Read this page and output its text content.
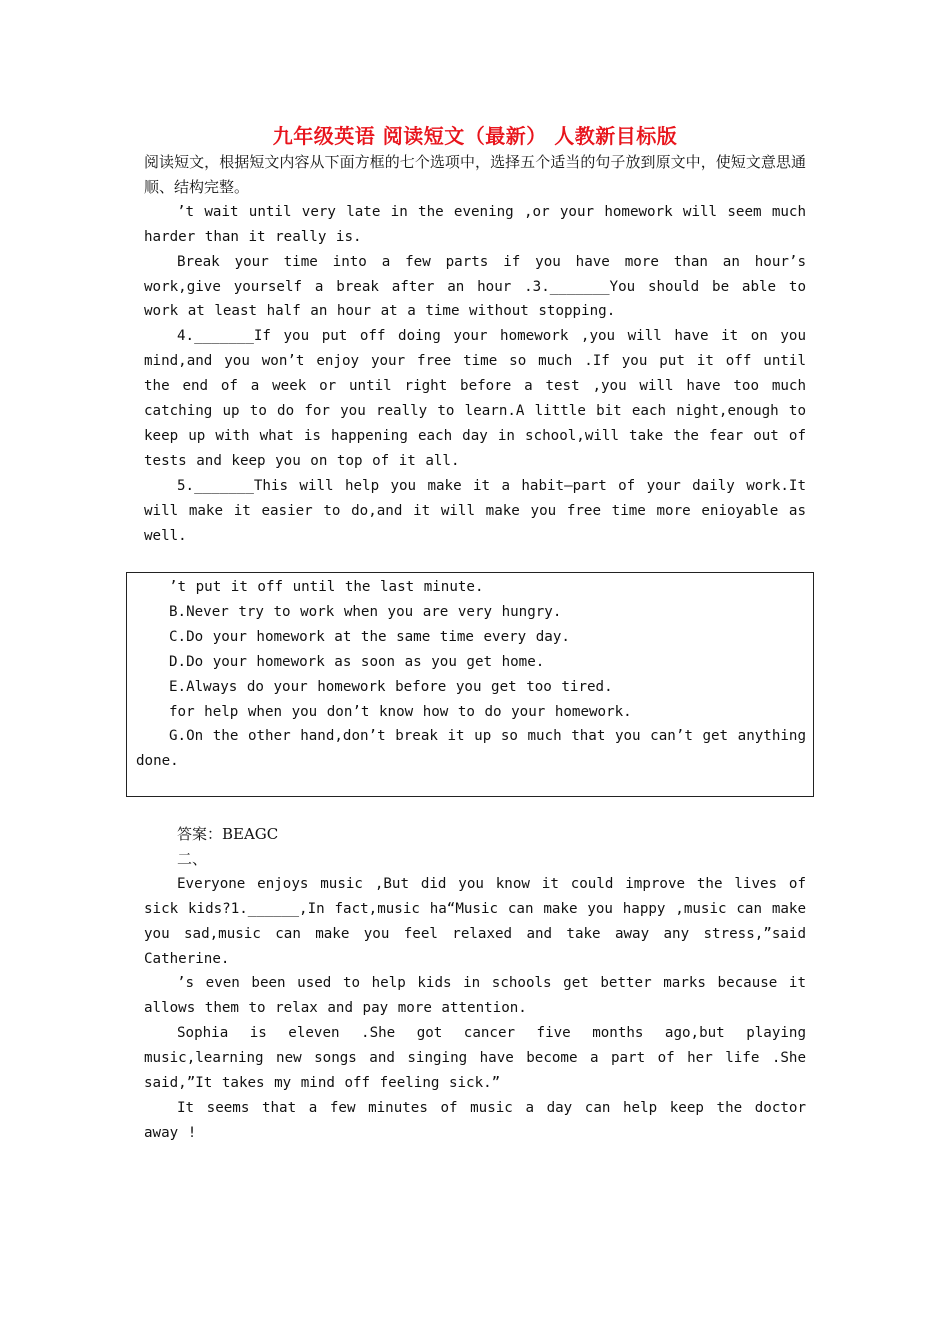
九年级英语 阅读短文（最新） 人教新目标版

阅读短文，根据短文内容从下面方框的七个选项中，选择五个适当的句子放到原文中，使短文意思通顺、结构完整。

’t wait until very late in the evening ,or your homework will seem much harder than it really is.

Break your time into a few parts if you have more than an hour’s work,give yourself a break after an hour .3._______You should be able to work at least half an hour at a time without stopping.

4._______If you put off doing your homework ,you will have it on you mind,and you won’t enjoy your free time so much .If you put it off until the end of a week or until right before a test ,you will have too much catching up to do for you really to learn.A little bit each night,enough to keep up with what is happening each day in school,will take the fear out of tests and keep you on top of it all.

5._______This will help you make it a habit—part of your daily work.It will make it easier to do,and it will make you free time more enioyable as well.

’t put it off until the last minute.

B.Never try to work when you are very hungry.

C.Do your homework at the same time every day.

D.Do your homework as soon as you get home.

E.Always do your homework before you get too tired.

for help when you don’t know how to do your homework.

G.On the other hand,don’t break it up so much that you can’t get anything done.

答案：BEAGC

二、

Everyone enjoys music ,But did you know it could improve the lives of sick kids?1.______,In fact,music ha“Music can make you happy ,music can make you sad,music can make you feel relaxed and take away any stress,”said Catherine.

’s even been used to help kids in schools get better marks because it allows them to relax and pay more attention.

Sophia is eleven .She got cancer five months ago,but playing music,learning new songs and singing have become a part of her life .She said,”It takes my mind off feeling sick.”

It seems that a few minutes of music a day can help keep the doctor away !
